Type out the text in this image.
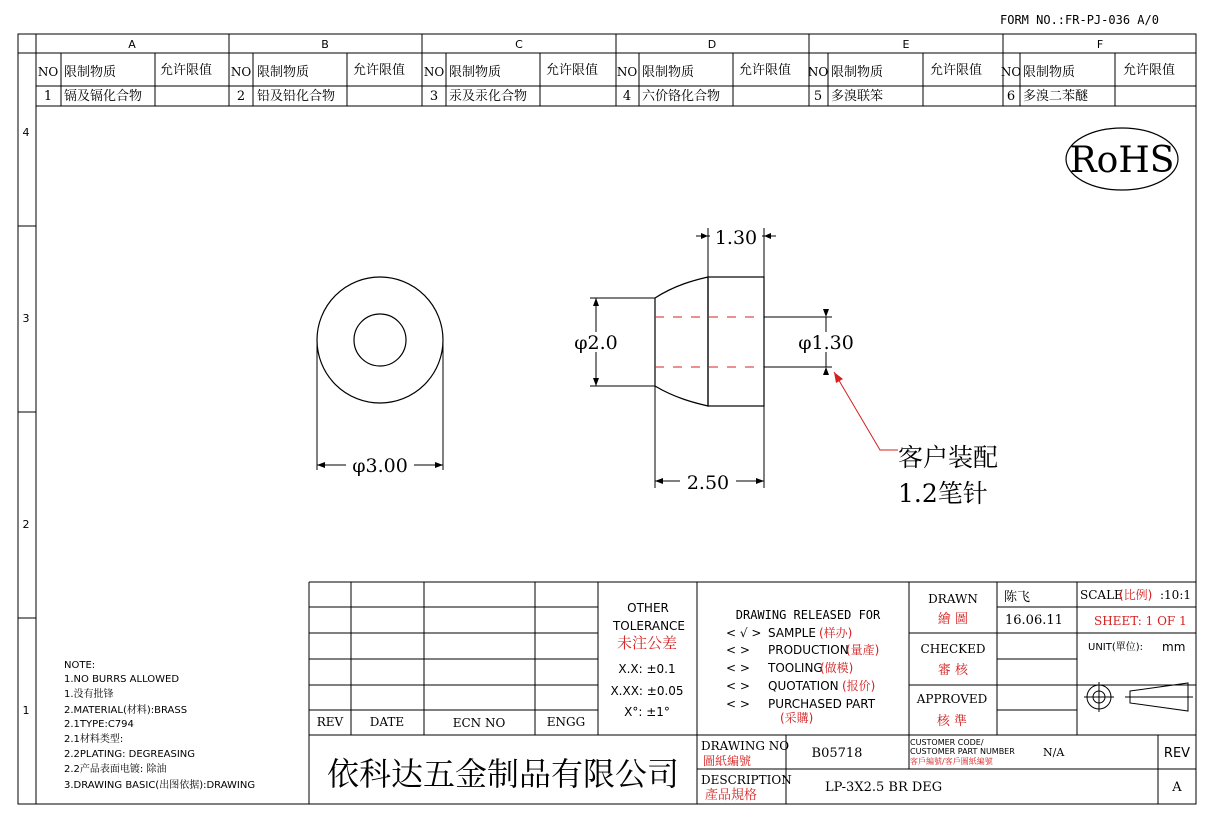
FORM NO.:FR-PJ-036 A/0
A	B	C	D	E	F
4
3
2
1
NO 限制物质	允许限值 NO 限制物质	允许限值 NO 限制物质	允许限值 NO 限制物质	允许限值 NO 限制物质	允许限值 NO 限制物质	允许限值
1 镉及镉化合物	2 铅及铅化合物	3 汞及汞化合物	4 六价铬化合物	5 多溴联笨	6 多溴二苯醚
RoHS
φ3.00
1.30
φ2.0	φ1.30
2.50
客户装配
1.2笔针
NOTE:
1.NO BURRS ALLOWED
1.没有批锋
2.MATERIAL(材料):BRASS
2.1TYPE:C794
2.1材料类型:
2.2PLATING: DEGREASING
2.2产品表面电镀: 除油
3.DRAWING BASIC(出图依据):DRAWING
REV DATE	ECN NO	ENGG
OTHER
TOLERANCE
未注公差
X.X: ±0.1
X.XX: ±0.05
X°: ±1°
DRAWING RELEASED FOR
< √ > SAMPLE (样办)
< > PRODUCTION
(量產)
< > TOOLING
(做模)
< > QUOTATION (报价)
< > PURCHASED PART
(采購)
DRAWN
繪 圖
陈飞
16.06.11
CHECKED
審 核
APPROVED
核 準
SCALE
(比例) :10:1
SHEET: 1 OF 1
UNIT(單位): mm
依科达五金制品有限公司
DRAWING NO
圖紙編號	B05718
CUSTOMER CODE/
CUSTOMER PART NUMBER
客戶編號/客戶圖紙編號
N/A	REV
DESCRIPTION
產品規格
LP-3X2.5 BR DEG	A
